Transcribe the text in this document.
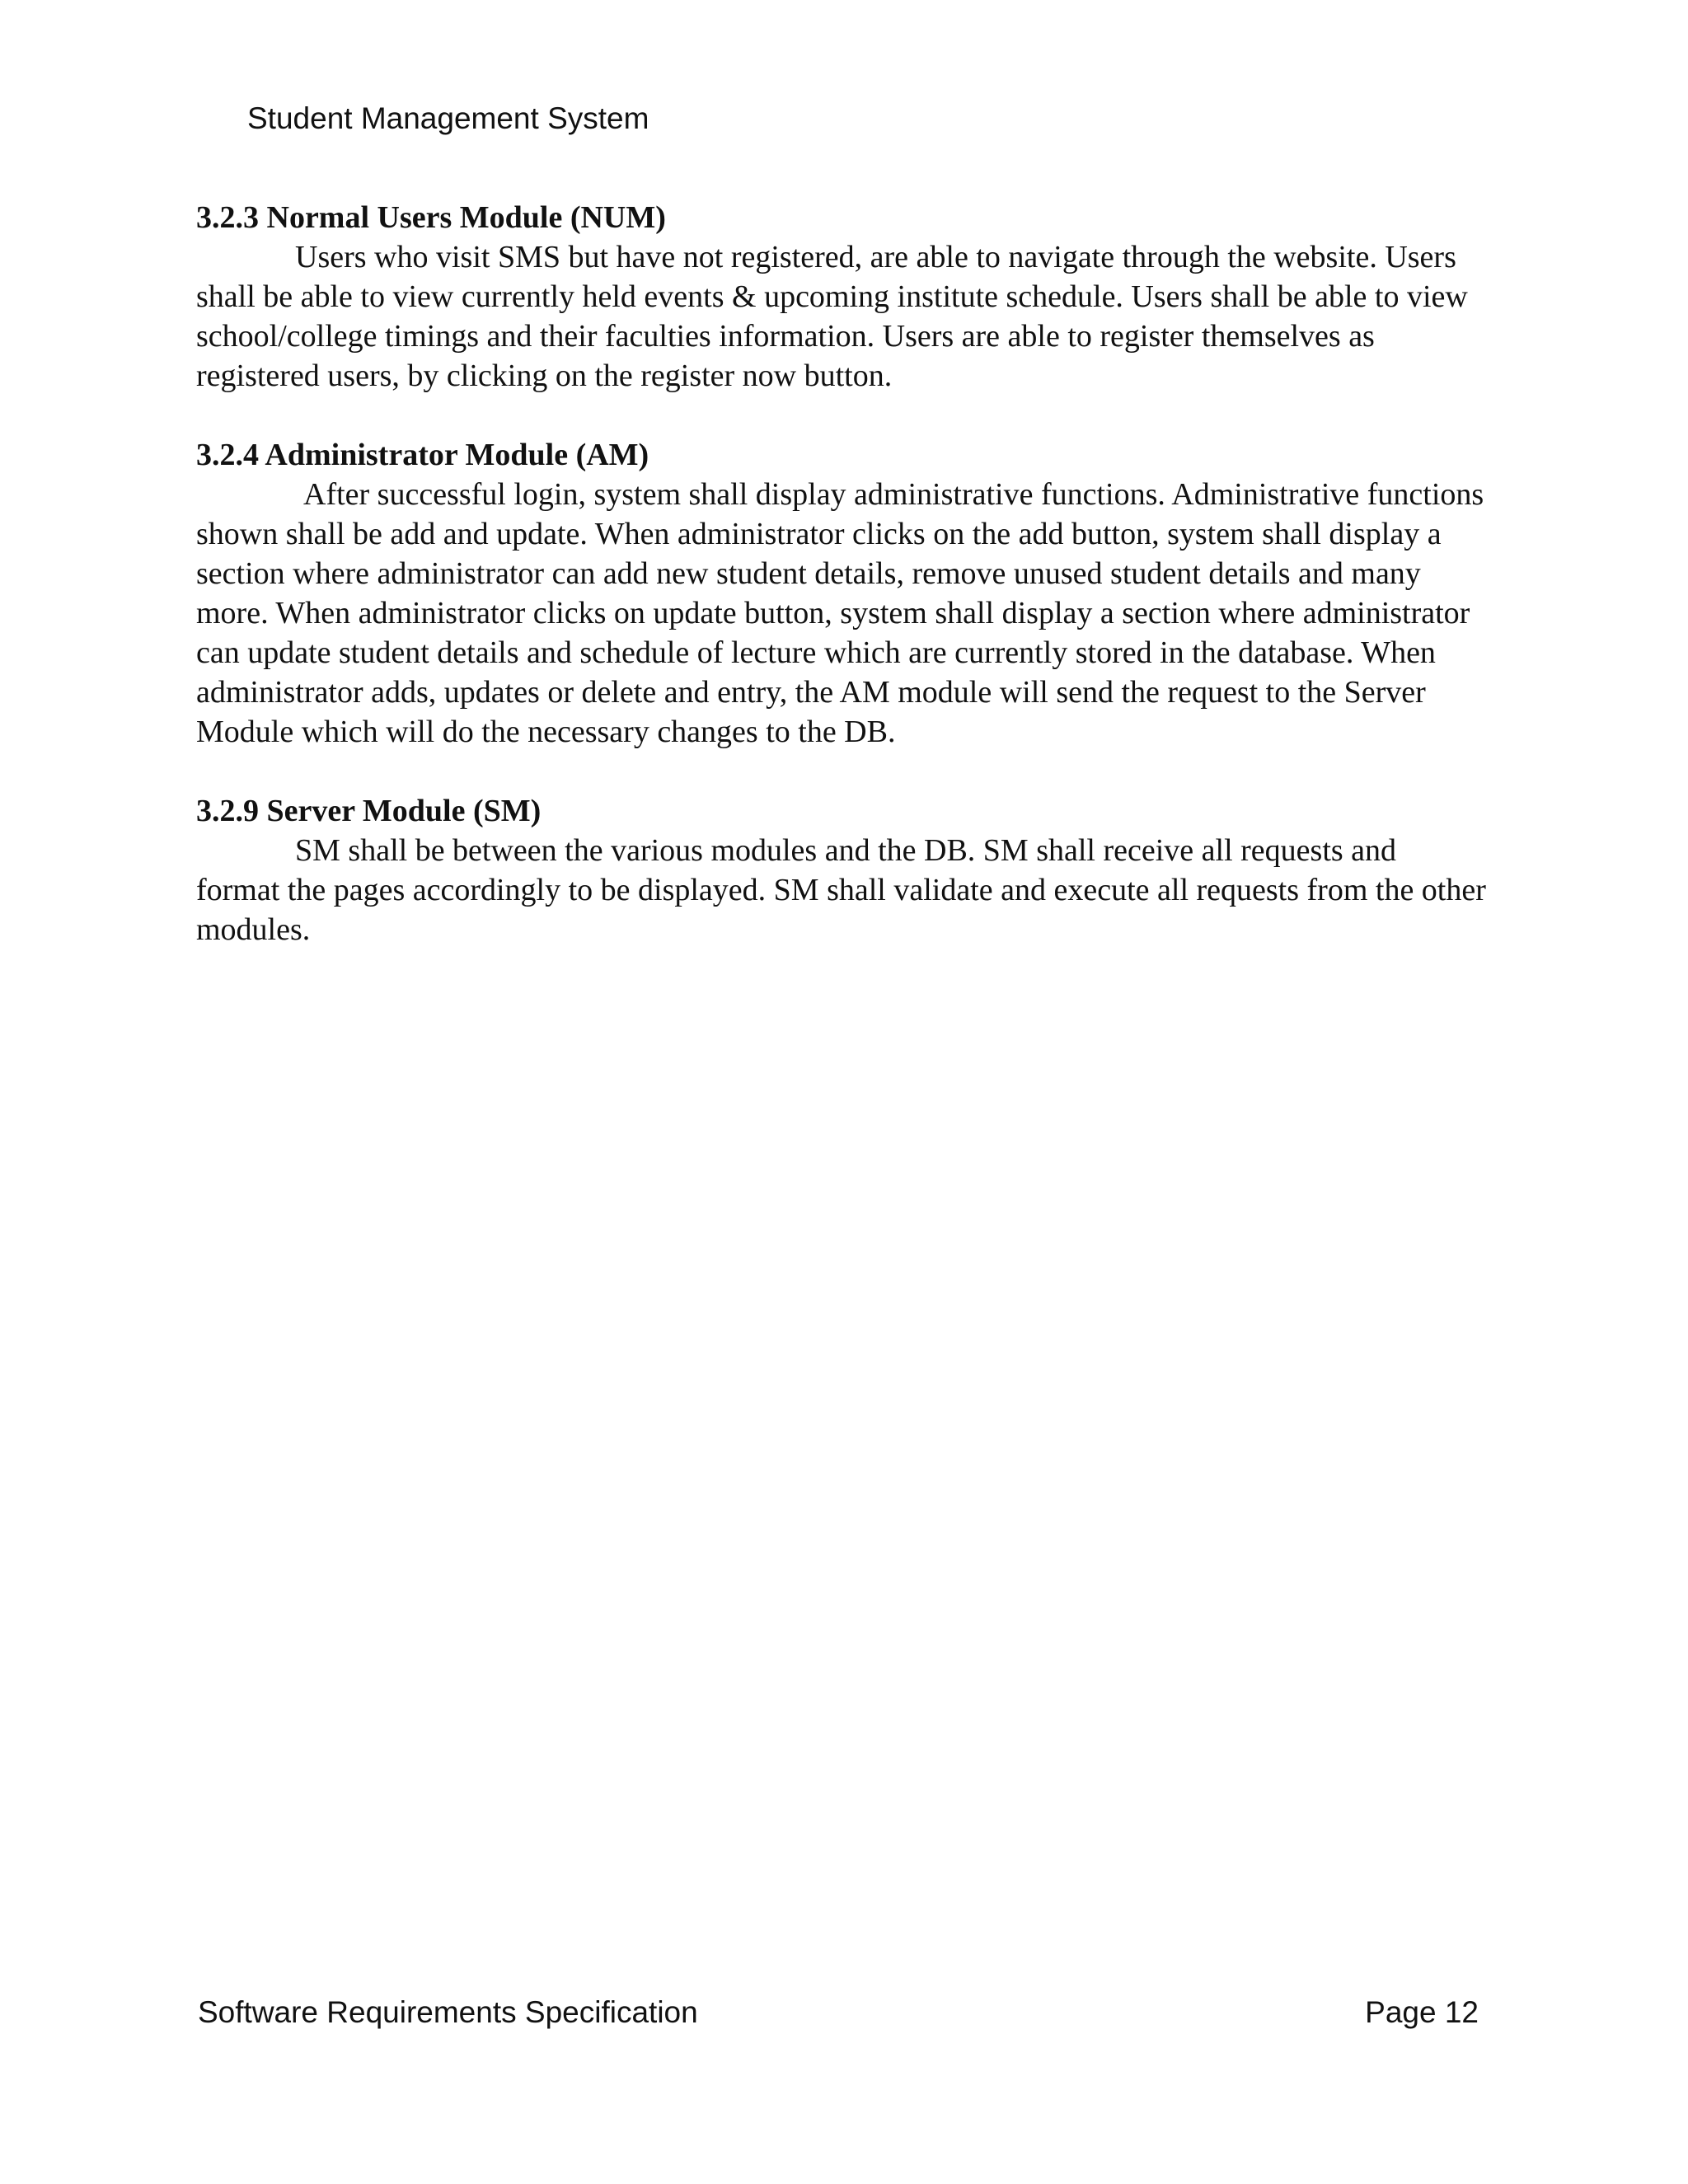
Student Management System

3.2.3 Normal Users Module (NUM)

Users who visit SMS but have not registered, are able to navigate through the website. Users shall be able to view currently held events & upcoming institute schedule. Users shall be able to view school/college timings and their faculties information. Users are able to register themselves as registered users, by clicking on the register now button.

3.2.4 Administrator Module (AM)

After successful login, system shall display administrative functions. Administrative functions shown shall be add and update. When administrator clicks on the add button, system shall display a section where administrator can add new student details, remove unused student details and many more. When administrator clicks on update button, system shall display a section where administrator can update student details and schedule of lecture which are currently stored in the database. When administrator adds, updates or delete and entry, the AM module will send the request to the Server Module which will do the necessary changes to the DB.

3.2.9 Server Module (SM)

SM shall be between the various modules and the DB. SM shall receive all requests and format the pages accordingly to be displayed. SM shall validate and execute all requests from the other modules.

Software Requirements Specification	Page 12
